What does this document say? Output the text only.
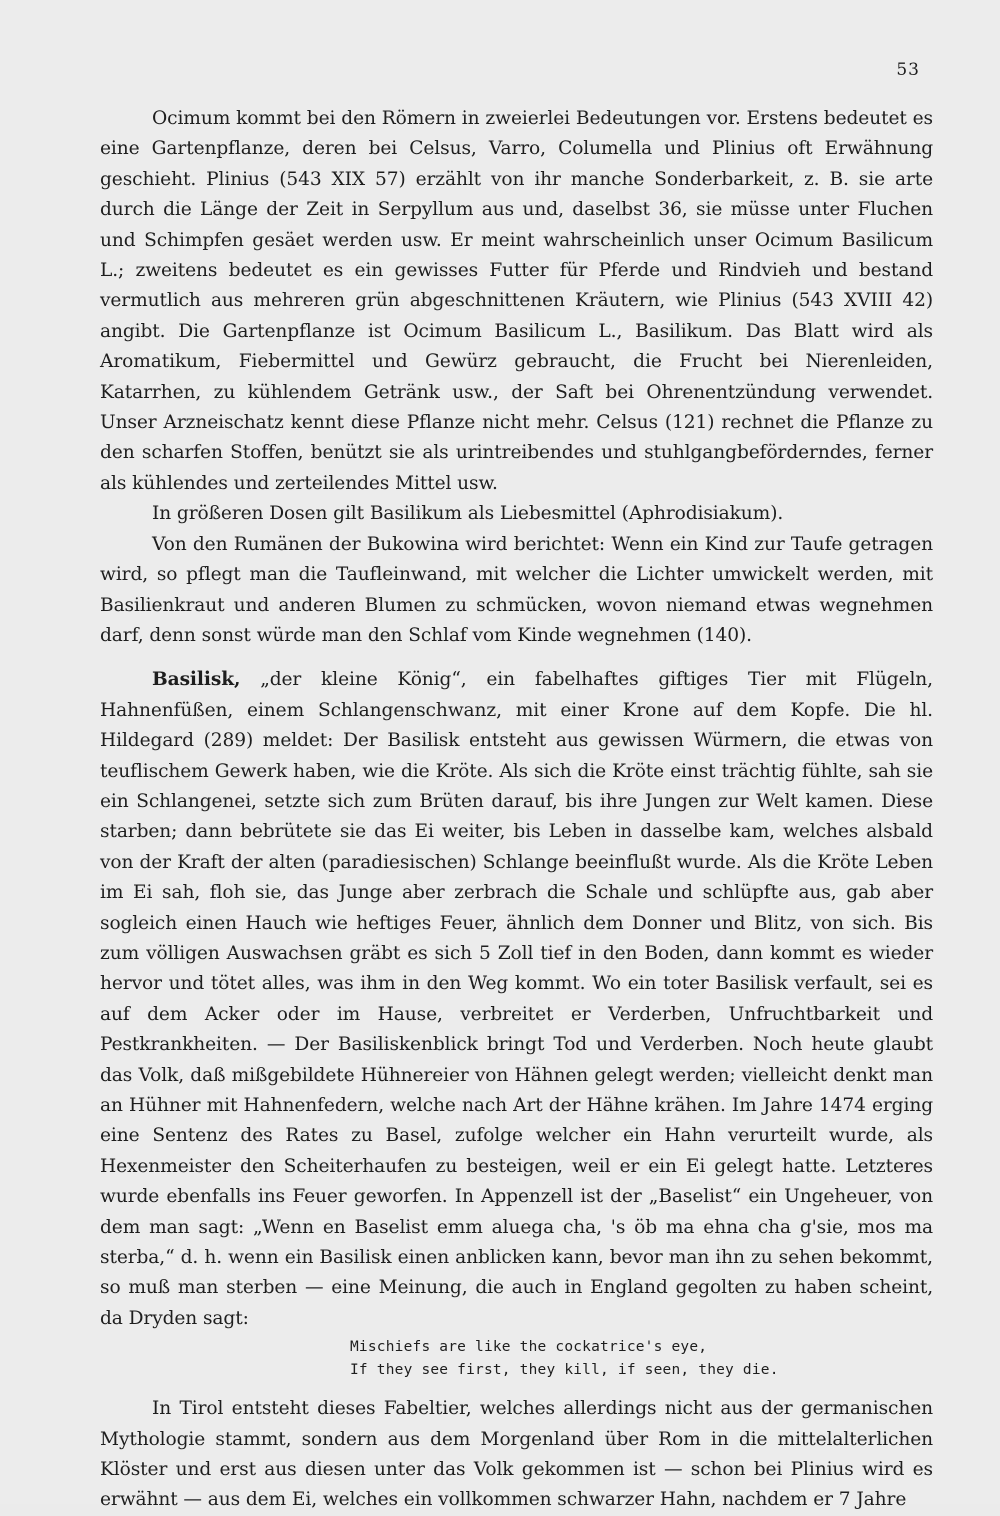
53

Ocimum kommt bei den Römern in zweierlei Bedeutungen vor. Erstens bedeutet es eine Gartenpflanze, deren bei Celsus, Varro, Columella und Plinius oft Erwähnung geschieht. Plinius (543 XIX 57) erzählt von ihr manche Sonderbarkeit, z. B. sie arte durch die Länge der Zeit in Serpyllum aus und, daselbst 36, sie müsse unter Fluchen und Schimpfen gesäet werden usw. Er meint wahrscheinlich unser Ocimum Basilicum L.; zweitens bedeutet es ein gewisses Futter für Pferde und Rindvieh und bestand vermutlich aus mehreren grün abgeschnittenen Kräutern, wie Plinius (543 XVIII 42) angibt. Die Gartenpflanze ist Ocimum Basilicum L., Basilikum. Das Blatt wird als Aromatikum, Fiebermittel und Gewürz gebraucht, die Frucht bei Nierenleiden, Katarrhen, zu kühlendem Getränk usw., der Saft bei Ohrenentzündung verwendet. Unser Arzneischatz kennt diese Pflanze nicht mehr. Celsus (121) rechnet die Pflanze zu den scharfen Stoffen, benützt sie als urintreibendes und stuhlgangbeförderndes, ferner als kühlendes und zerteilendes Mittel usw.

In größeren Dosen gilt Basilikum als Liebesmittel (Aphrodisiakum).

Von den Rumänen der Bukowina wird berichtet: Wenn ein Kind zur Taufe getragen wird, so pflegt man die Taufleinwand, mit welcher die Lichter umwickelt werden, mit Basilienkraut und anderen Blumen zu schmücken, wovon niemand etwas wegnehmen darf, denn sonst würde man den Schlaf vom Kinde wegnehmen (140).

Basilisk, „der kleine König“, ein fabelhaftes giftiges Tier mit Flügeln, Hahnenfüßen, einem Schlangenschwanz, mit einer Krone auf dem Kopfe. Die hl. Hildegard (289) meldet: Der Basilisk entsteht aus gewissen Würmern, die etwas von teuflischem Gewerk haben, wie die Kröte. Als sich die Kröte einst trächtig fühlte, sah sie ein Schlangenei, setzte sich zum Brüten darauf, bis ihre Jungen zur Welt kamen. Diese starben; dann bebrütete sie das Ei weiter, bis Leben in dasselbe kam, welches alsbald von der Kraft der alten (paradiesischen) Schlange beeinflußt wurde. Als die Kröte Leben im Ei sah, floh sie, das Junge aber zerbrach die Schale und schlüpfte aus, gab aber sogleich einen Hauch wie heftiges Feuer, ähnlich dem Donner und Blitz, von sich. Bis zum völligen Auswachsen gräbt es sich 5 Zoll tief in den Boden, dann kommt es wieder hervor und tötet alles, was ihm in den Weg kommt. Wo ein toter Basilisk verfault, sei es auf dem Acker oder im Hause, verbreitet er Verderben, Unfruchtbarkeit und Pestkrankheiten. — Der Basiliskenblick bringt Tod und Verderben. Noch heute glaubt das Volk, daß mißgebildete Hühnereier von Hähnen gelegt werden; vielleicht denkt man an Hühner mit Hahnenfedern, welche nach Art der Hähne krähen. Im Jahre 1474 erging eine Sentenz des Rates zu Basel, zufolge welcher ein Hahn verurteilt wurde, als Hexenmeister den Scheiterhaufen zu besteigen, weil er ein Ei gelegt hatte. Letzteres wurde ebenfalls ins Feuer geworfen. In Appenzell ist der „Baselist“ ein Ungeheuer, von dem man sagt: „Wenn en Baselist emm aluega cha, 's öb ma ehna cha g'sie, mos ma sterba,“ d. h. wenn ein Basilisk einen anblicken kann, bevor man ihn zu sehen bekommt, so muß man sterben — eine Meinung, die auch in England gegolten zu haben scheint, da Dryden sagt:

Mischiefs are like the cockatrice's eye,
If they see first, they kill, if seen, they die.

In Tirol entsteht dieses Fabeltier, welches allerdings nicht aus der germanischen Mythologie stammt, sondern aus dem Morgenland über Rom in die mittelalterlichen Klöster und erst aus diesen unter das Volk gekommen ist — schon bei Plinius wird es erwähnt — aus dem Ei, welches ein vollkommen schwarzer Hahn, nachdem er 7 Jahre
